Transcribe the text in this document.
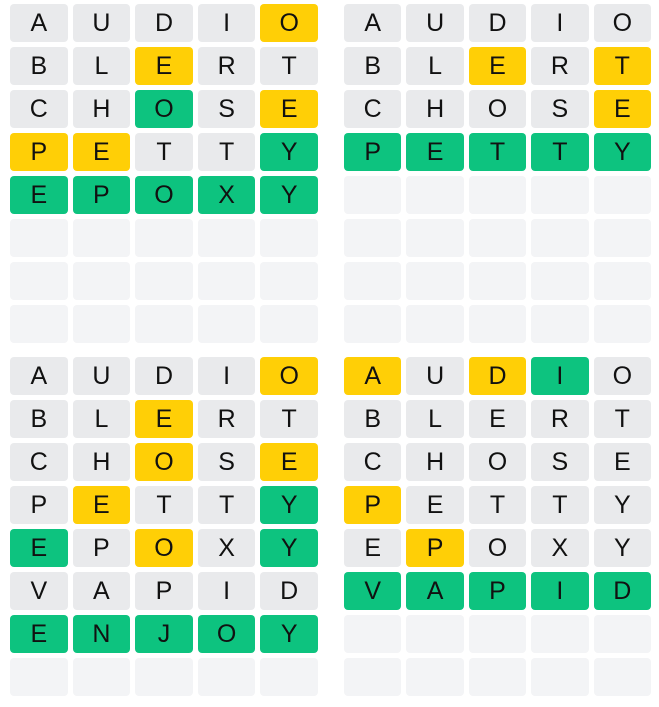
A	U	D	I	O
B	L	E	R	T
C	H	O	S	E
P	E	T	T	Y
E	P	O	X	Y
A	U	D	I	O
B	L	E	R	T
C	H	O	S	E
P	E	T	T	Y
A	U	D	I	O
B	L	E	R	T
C	H	O	S	E
P	E	T	T	Y
E	P	O	X	Y
V	A	P	I	D
E	N	J	O	Y
A	U	D	I	O
B	L	E	R	T
C	H	O	S	E
P	E	T	T	Y
E	P	O	X	Y
V	A	P	I	D
